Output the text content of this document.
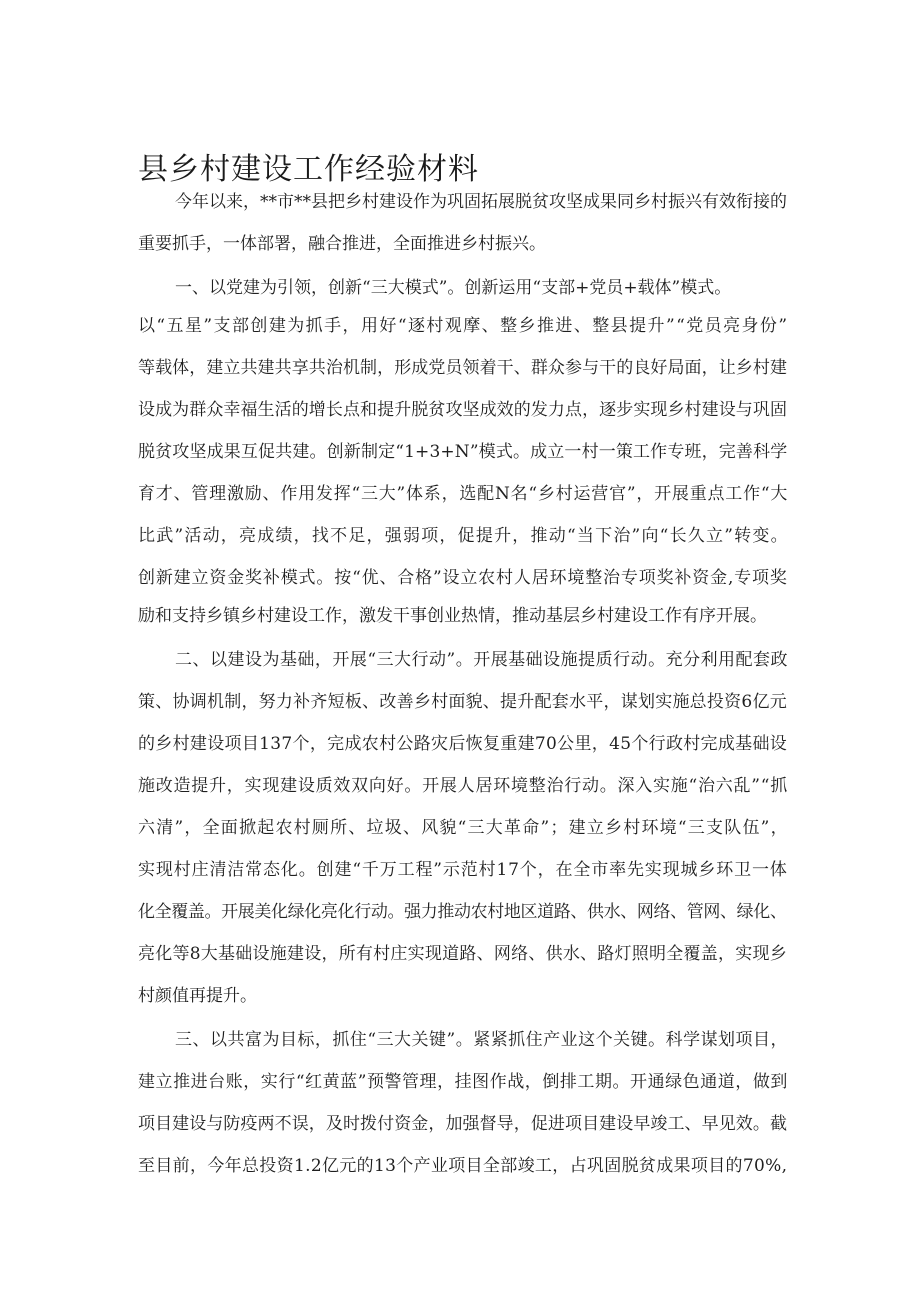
县乡村建设工作经验材料
今年以来，**市**县把乡村建设作为巩固拓展脱贫攻坚成果同乡村振兴有效衔接的
重要抓手，一体部署，融合推进，全面推进乡村振兴。
一、以党建为引领，创新“三大模式”。创新运用“支部+党员+载体”模式。
以“五星”支部创建为抓手，用好“逐村观摩、整乡推进、整县提升”“党员亮身份”
等载体，建立共建共享共治机制，形成党员领着干、群众参与干的良好局面，让乡村建
设成为群众幸福生活的增长点和提升脱贫攻坚成效的发力点，逐步实现乡村建设与巩固
脱贫攻坚成果互促共建。创新制定“1+3+N”模式。成立一村一策工作专班，完善科学
育才、管理激励、作用发挥“三大”体系，选配N名“乡村运营官”，开展重点工作“大
比武”活动，亮成绩，找不足，强弱项，促提升，推动“当下治”向“长久立”转变。
创新建立资金奖补模式。按“优、合格”设立农村人居环境整治专项奖补资金,专项奖
励和支持乡镇乡村建设工作，激发干事创业热情，推动基层乡村建设工作有序开展。
二、以建设为基础，开展“三大行动”。开展基础设施提质行动。充分利用配套政
策、协调机制，努力补齐短板、改善乡村面貌、提升配套水平，谋划实施总投资6亿元
的乡村建设项目137个，完成农村公路灾后恢复重建70公里，45个行政村完成基础设
施改造提升，实现建设质效双向好。开展人居环境整治行动。深入实施“治六乱”“抓
六清”，全面掀起农村厕所、垃圾、风貌“三大革命”；建立乡村环境“三支队伍”，
实现村庄清洁常态化。创建“千万工程”示范村17个，在全市率先实现城乡环卫一体
化全覆盖。开展美化绿化亮化行动。强力推动农村地区道路、供水、网络、管网、绿化、
亮化等8大基础设施建设，所有村庄实现道路、网络、供水、路灯照明全覆盖，实现乡
村颜值再提升。
三、以共富为目标，抓住“三大关键”。紧紧抓住产业这个关键。科学谋划项目，
建立推进台账，实行“红黄蓝”预警管理，挂图作战，倒排工期。开通绿色通道，做到
项目建设与防疫两不误，及时拨付资金，加强督导，促进项目建设早竣工、早见效。截
至目前，今年总投资1.2亿元的13个产业项目全部竣工，占巩固脱贫成果项目的70%,
